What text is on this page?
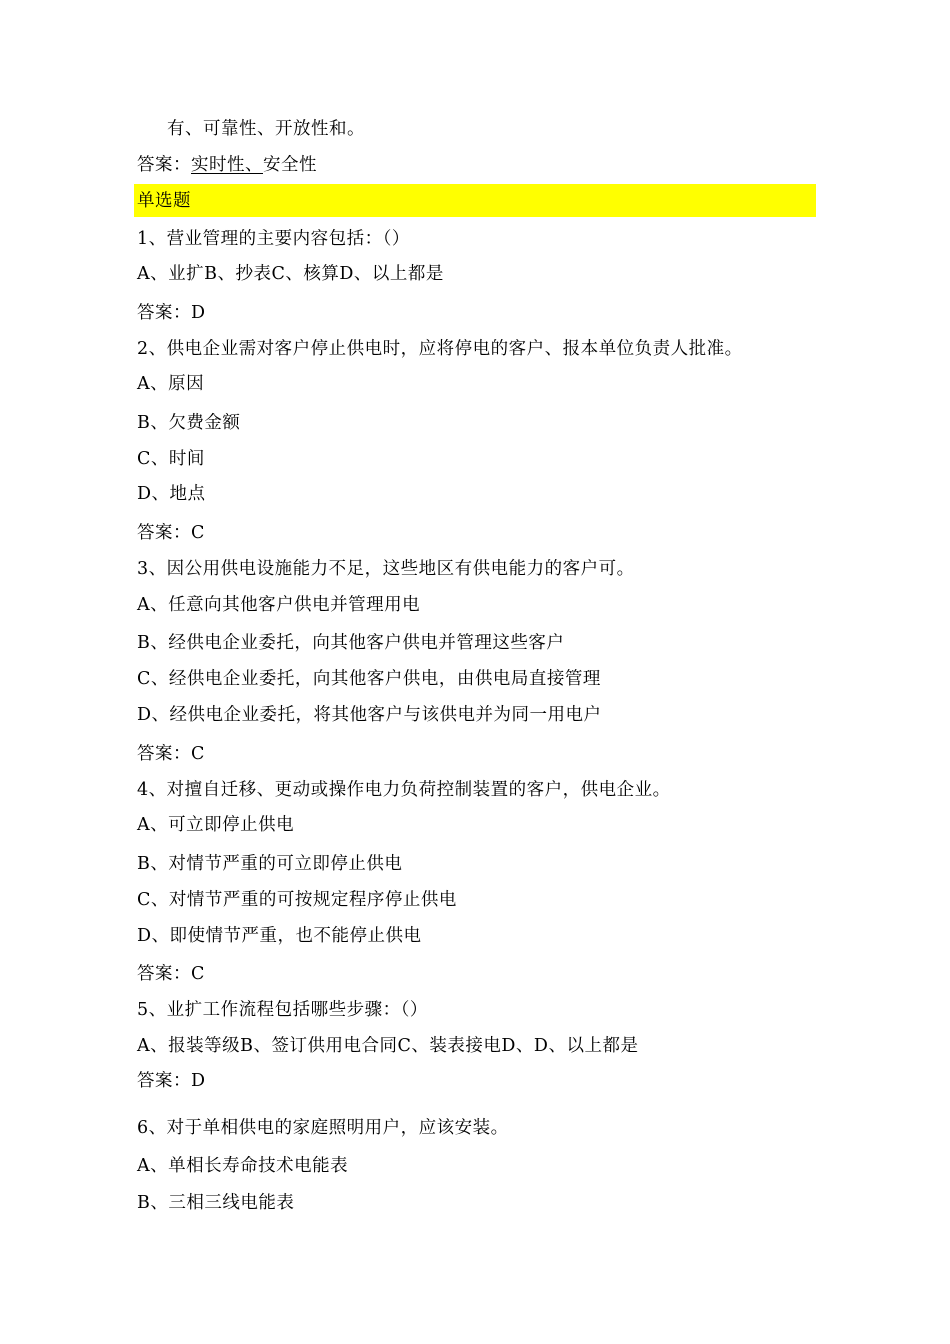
有、可靠性、开放性和。
答案：实时性、安全性
单选题
1、营业管理的主要内容包括：（）
A、业扩B、抄表C、核算D、以上都是
答案：D
2、供电企业需对客户停止供电时，应将停电的客户、报本单位负责人批准。
A、原因
B、欠费金额
C、时间
D、地点
答案：C
3、因公用供电设施能力不足，这些地区有供电能力的客户可。
A、任意向其他客户供电并管理用电
B、经供电企业委托，向其他客户供电并管理这些客户
C、经供电企业委托，向其他客户供电，由供电局直接管理
D、经供电企业委托，将其他客户与该供电并为同一用电户
答案：C
4、对擅自迁移、更动或操作电力负荷控制装置的客户，供电企业。
A、可立即停止供电
B、对情节严重的可立即停止供电
C、对情节严重的可按规定程序停止供电
D、即使情节严重，也不能停止供电
答案：C
5、业扩工作流程包括哪些步骤：（）
A、报装等级B、签订供用电合同C、装表接电D、D、以上都是
答案：D
6、对于单相供电的家庭照明用户，应该安装。
A、单相长寿命技术电能表
B、三相三线电能表
